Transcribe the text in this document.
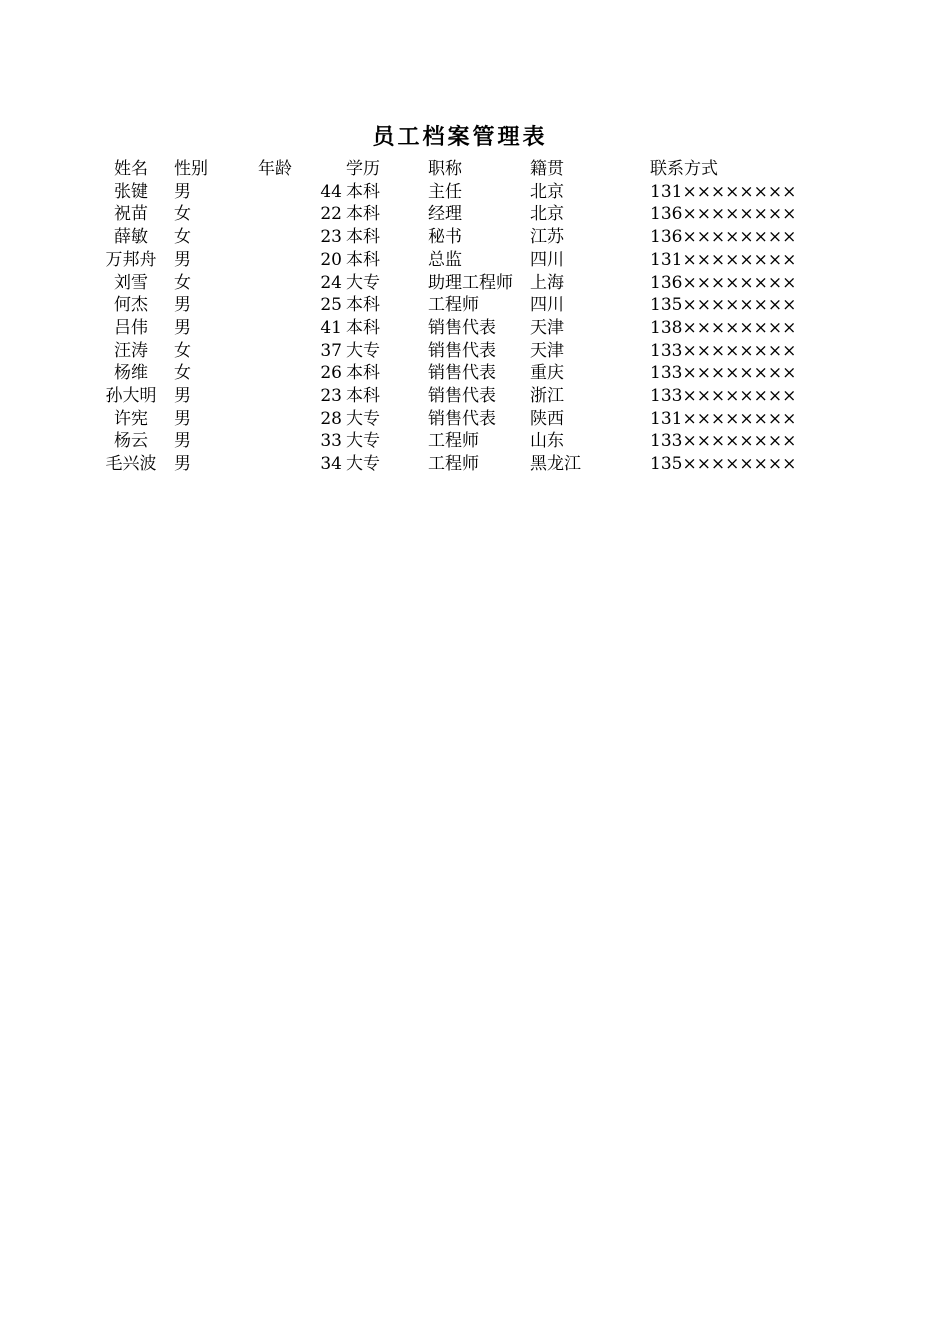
员工档案管理表
姓名	性别	年龄	学历	职称	籍贯	联系方式
张键	男	44	本科	主任	北京	131××××××××
祝苗	女	22	本科	经理	北京	136××××××××
薛敏	女	23	本科	秘书	江苏	136××××××××
万邦舟	男	20	本科	总监	四川	131××××××××
刘雪	女	24	大专	助理工程师	上海	136××××××××
何杰	男	25	本科	工程师	四川	135××××××××
吕伟	男	41	本科	销售代表	天津	138××××××××
汪涛	女	37	大专	销售代表	天津	133××××××××
杨维	女	26	本科	销售代表	重庆	133××××××××
孙大明	男	23	本科	销售代表	浙江	133××××××××
许宪	男	28	大专	销售代表	陕西	131××××××××
杨云	男	33	大专	工程师	山东	133××××××××
毛兴波	男	34	大专	工程师	黑龙江	135××××××××
